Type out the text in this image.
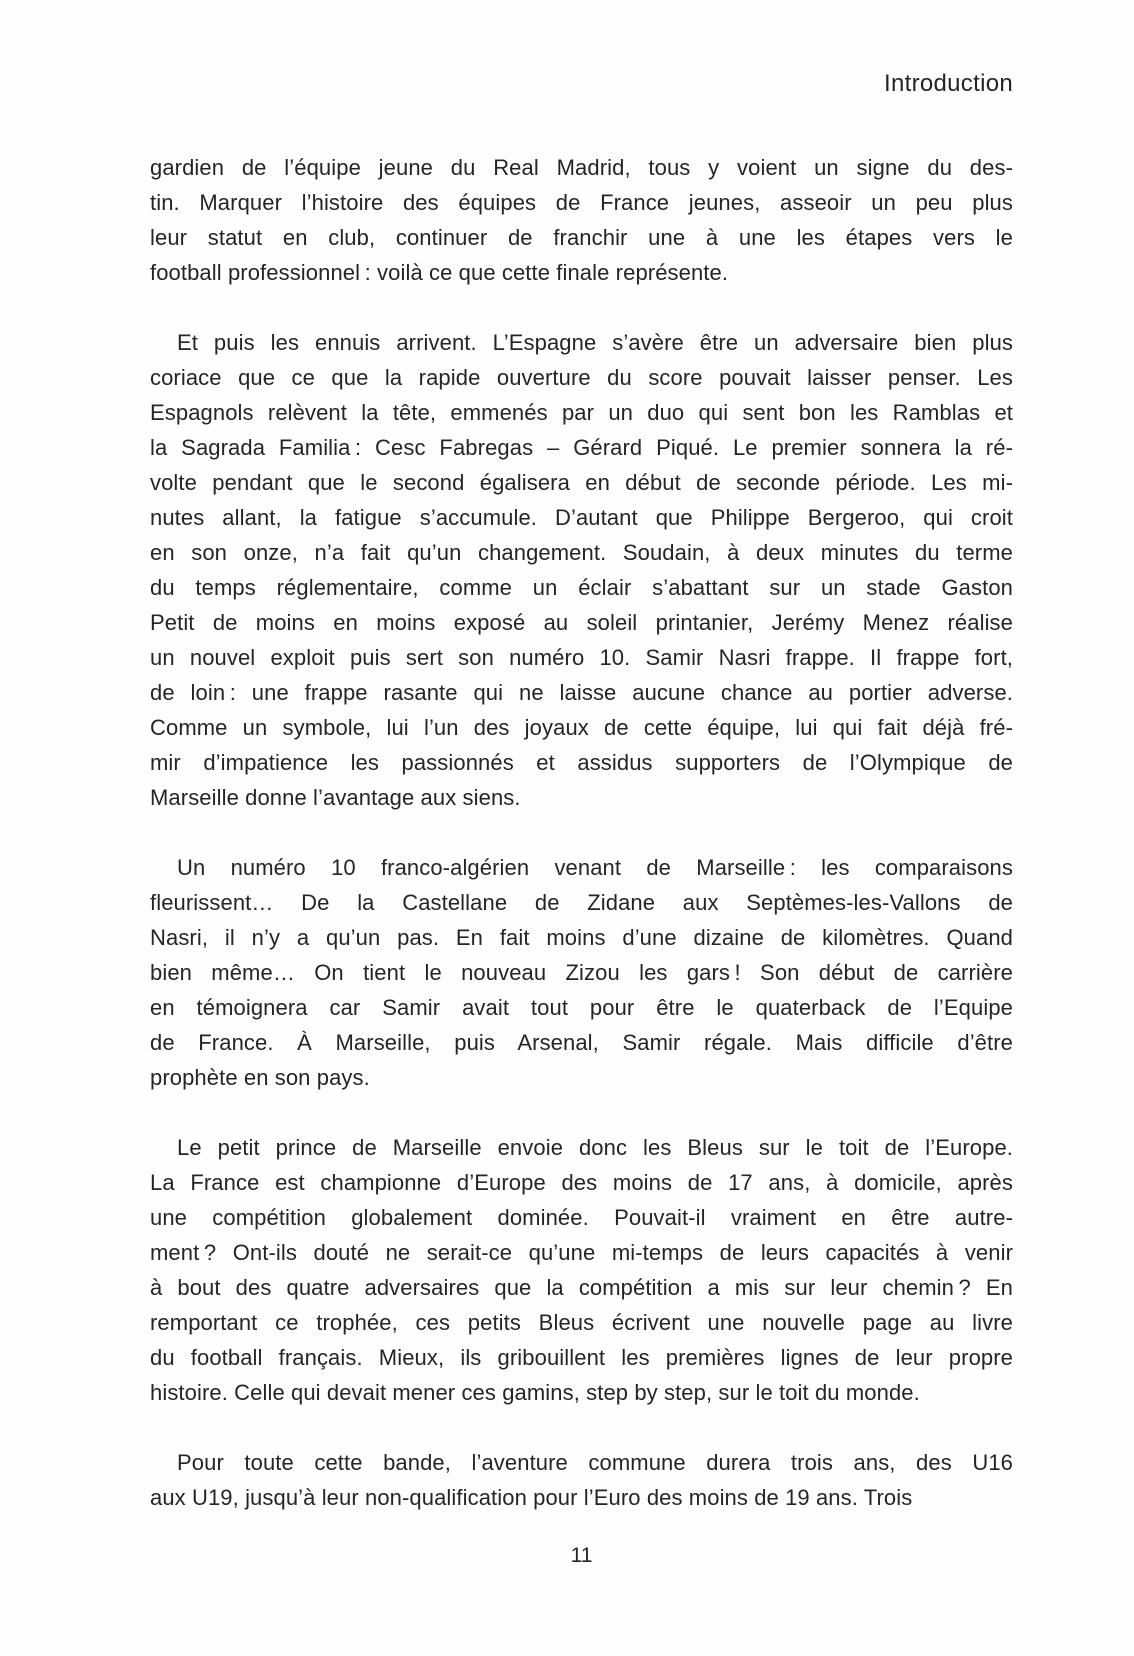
Introduction
gardien de l’équipe jeune du Real Madrid, tous y voient un signe du des-
tin. Marquer l’histoire des équipes de France jeunes, asseoir un peu plus
leur statut en club, continuer de franchir une à une les étapes vers le
football professionnel : voilà ce que cette finale représente.
Et puis les ennuis arrivent. L’Espagne s’avère être un adversaire bien plus
coriace que ce que la rapide ouverture du score pouvait laisser penser. Les
Espagnols relèvent la tête, emmenés par un duo qui sent bon les Ramblas et
la Sagrada Familia : Cesc Fabregas – Gérard Piqué. Le premier sonnera la ré-
volte pendant que le second égalisera en début de seconde période. Les mi-
nutes allant, la fatigue s’accumule. D’autant que Philippe Bergeroo, qui croit
en son onze, n’a fait qu’un changement. Soudain, à deux minutes du terme
du temps réglementaire, comme un éclair s’abattant sur un stade Gaston
Petit de moins en moins exposé au soleil printanier, Jerémy Menez réalise
un nouvel exploit puis sert son numéro 10. Samir Nasri frappe. Il frappe fort,
de loin : une frappe rasante qui ne laisse aucune chance au portier adverse.
Comme un symbole, lui l’un des joyaux de cette équipe, lui qui fait déjà fré-
mir d’impatience les passionnés et assidus supporters de l’Olympique de
Marseille donne l’avantage aux siens.
Un numéro 10 franco-algérien venant de Marseille : les comparaisons
fleurissent… De la Castellane de Zidane aux Septèmes-les-Vallons de
Nasri, il n’y a qu’un pas. En fait moins d’une dizaine de kilomètres. Quand
bien même… On tient le nouveau Zizou les gars ! Son début de carrière
en témoignera car Samir avait tout pour être le quaterback de l’Equipe
de France. À Marseille, puis Arsenal, Samir régale. Mais difficile d’être
prophète en son pays.
Le petit prince de Marseille envoie donc les Bleus sur le toit de l’Europe.
La France est championne d’Europe des moins de 17 ans, à domicile, après
une compétition globalement dominée. Pouvait-il vraiment en être autre-
ment ? Ont-ils douté ne serait-ce qu’une mi-temps de leurs capacités à venir
à bout des quatre adversaires que la compétition a mis sur leur chemin ? En
remportant ce trophée, ces petits Bleus écrivent une nouvelle page au livre
du football français. Mieux, ils gribouillent les premières lignes de leur propre
histoire. Celle qui devait mener ces gamins, step by step, sur le toit du monde.
Pour toute cette bande, l’aventure commune durera trois ans, des U16
aux U19, jusqu’à leur non-qualification pour l’Euro des moins de 19 ans. Trois
11
